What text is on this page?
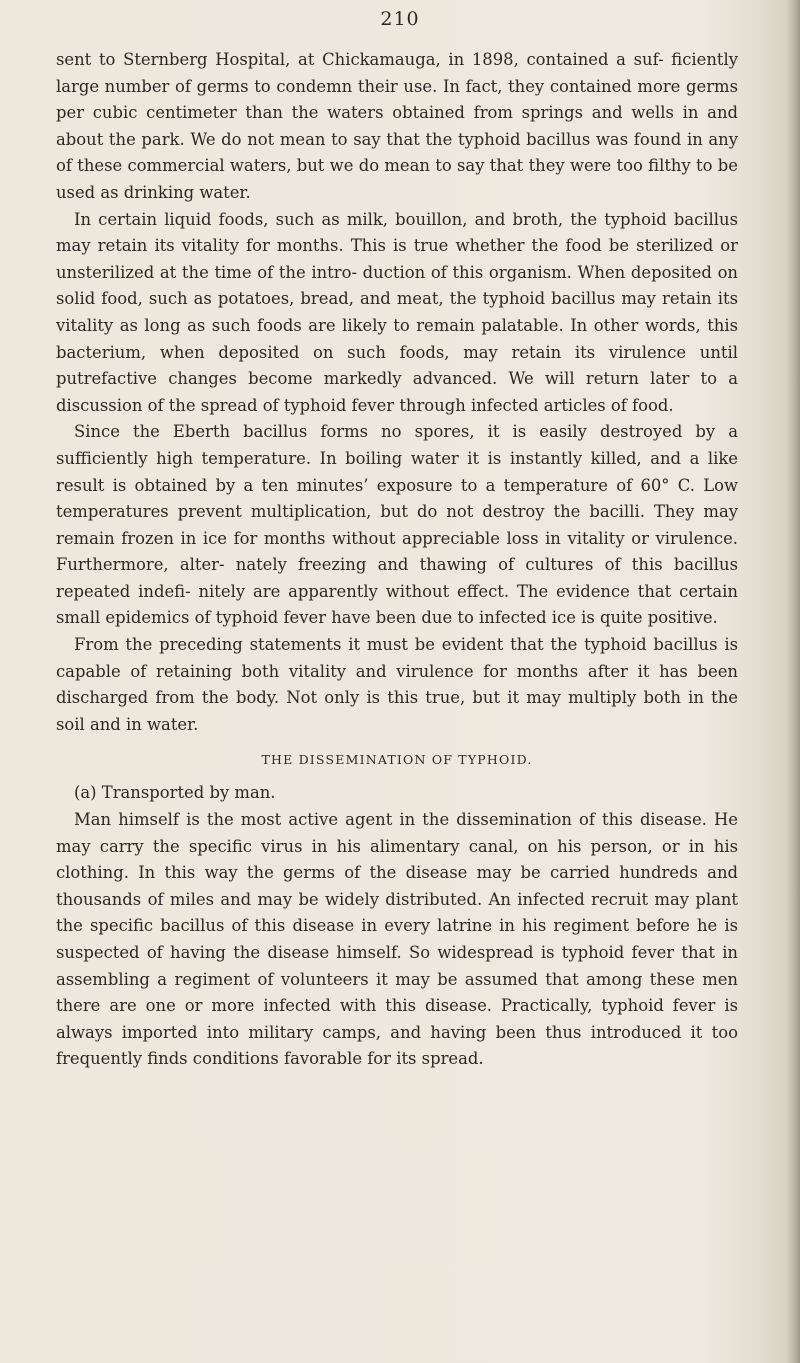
210

sent to Sternberg Hospital, at Chickamauga, in 1898, contained a suf- ficiently large number of germs to condemn their use. In fact, they contained more germs per cubic centimeter than the waters obtained from springs and wells in and about the park. We do not mean to say that the typhoid bacillus was found in any of these commercial waters, but we do mean to say that they were too filthy to be used as drinking water.

In certain liquid foods, such as milk, bouillon, and broth, the typhoid bacillus may retain its vitality for months. This is true whether the food be sterilized or unsterilized at the time of the intro- duction of this organism. When deposited on solid food, such as potatoes, bread, and meat, the typhoid bacillus may retain its vitality as long as such foods are likely to remain palatable. In other words, this bacterium, when deposited on such foods, may retain its virulence until putrefactive changes become markedly advanced. We will return later to a discussion of the spread of typhoid fever through infected articles of food.

Since the Eberth bacillus forms no spores, it is easily destroyed by a sufficiently high temperature. In boiling water it is instantly killed, and a like result is obtained by a ten minutes’ exposure to a temperature of 60° C. Low temperatures prevent multiplication, but do not destroy the bacilli. They may remain frozen in ice for months without appreciable loss in vitality or virulence. Furthermore, alter- nately freezing and thawing of cultures of this bacillus repeated indefi- nitely are apparently without effect. The evidence that certain small epidemics of typhoid fever have been due to infected ice is quite positive.

From the preceding statements it must be evident that the typhoid bacillus is capable of retaining both vitality and virulence for months after it has been discharged from the body. Not only is this true, but it may multiply both in the soil and in water.

THE DISSEMINATION OF TYPHOID.

(a) Transported by man.

Man himself is the most active agent in the dissemination of this disease. He may carry the specific virus in his alimentary canal, on his person, or in his clothing. In this way the germs of the disease may be carried hundreds and thousands of miles and may be widely distributed. An infected recruit may plant the specific bacillus of this disease in every latrine in his regiment before he is suspected of having the disease himself. So widespread is typhoid fever that in assembling a regiment of volunteers it may be assumed that among these men there are one or more infected with this disease. Practically, typhoid fever is always imported into military camps, and having been thus introduced it too frequently finds conditions favorable for its spread.
